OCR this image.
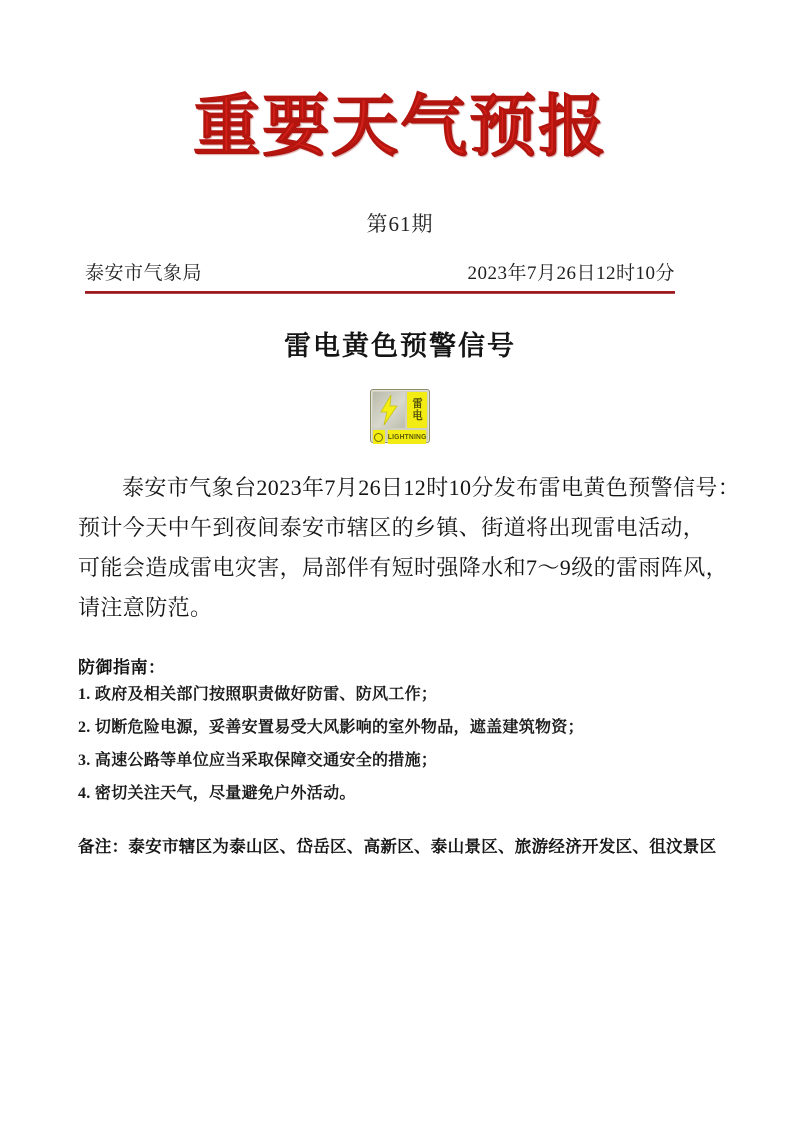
重要天气预报
第61期
泰安市气象局	2023年7月26日12时10分
雷电黄色预警信号
雷
电
LIGHTNING
泰安市气象台2023年7月26日12时10分发布雷电黄色预警信号：
预计今天中午到夜间泰安市辖区的乡镇、街道将出现雷电活动，
可能会造成雷电灾害，局部伴有短时强降水和7～9级的雷雨阵风，
请注意防范。
防御指南：
1. 政府及相关部门按照职责做好防雷、防风工作；
2. 切断危险电源，妥善安置易受大风影响的室外物品，遮盖建筑物资；
3. 高速公路等单位应当采取保障交通安全的措施；
4. 密切关注天气，尽量避免户外活动。
备注：泰安市辖区为泰山区、岱岳区、高新区、泰山景区、旅游经济开发区、徂汶景区
